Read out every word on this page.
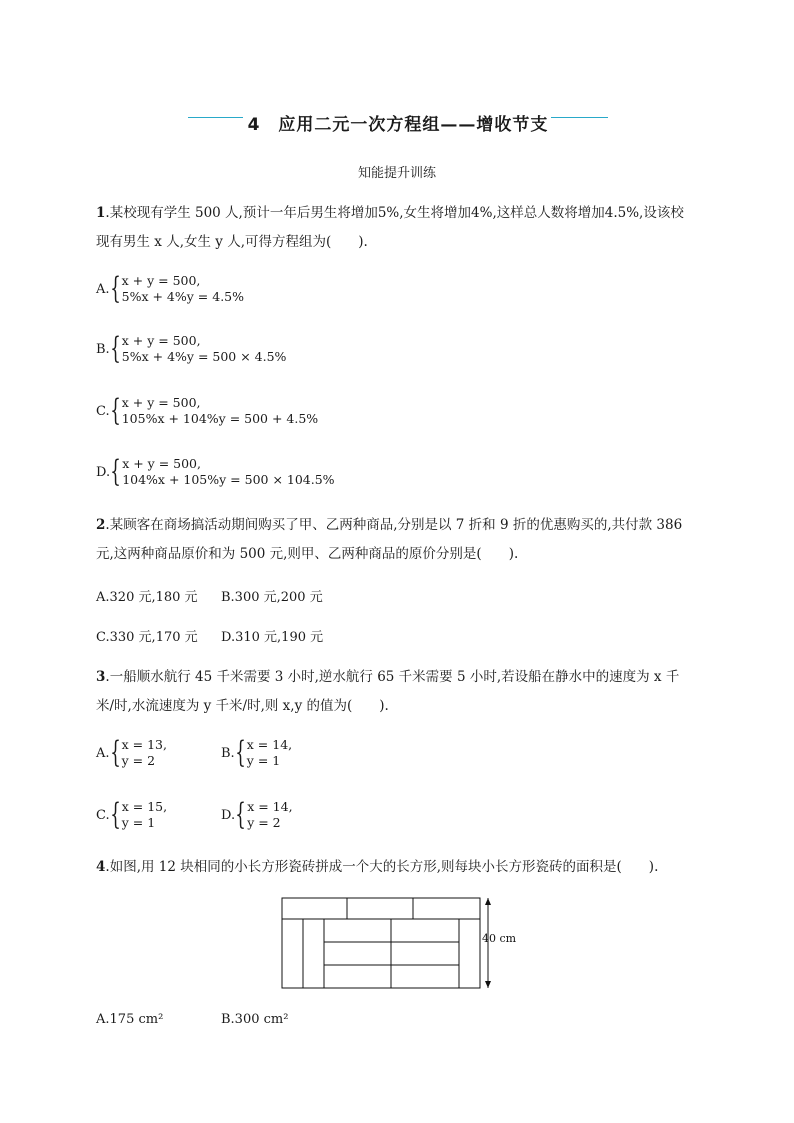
4　应用二元一次方程组——增收节支
知能提升训练
1.某校现有学生 500 人,预计一年后男生将增加5%,女生将增加4%,这样总人数将增加4.5%,设该校现有男生 x 人,女生 y 人,可得方程组为(　　).
A. { x + y = 500,
5%x + 4%y = 4.5%
B. { x + y = 500,
5%x + 4%y = 500 × 4.5%
C. { x + y = 500,
105%x + 104%y = 500 + 4.5%
D. { x + y = 500,
104%x + 105%y = 500 × 104.5%
2.某顾客在商场搞活动期间购买了甲、乙两种商品,分别是以 7 折和 9 折的优惠购买的,共付款 386 元,这两种商品原价和为 500 元,则甲、乙两种商品的原价分别是(　　).
A.320 元,180 元 B.300 元,200 元
C.330 元,170 元 D.310 元,190 元
3.一船顺水航行 45 千米需要 3 小时,逆水航行 65 千米需要 5 小时,若设船在静水中的速度为 x 千米/时,水流速度为 y 千米/时,则 x,y 的值为(　　).
A. { x = 13,
y = 2	B. { x = 14,
y = 1
C. { x = 15,
y = 1	D. { x = 14,
y = 2
4.如图,用 12 块相同的小长方形瓷砖拼成一个大的长方形,则每块小长方形瓷砖的面积是(　　).
40 cm
A.175 cm²	B.300 cm²
